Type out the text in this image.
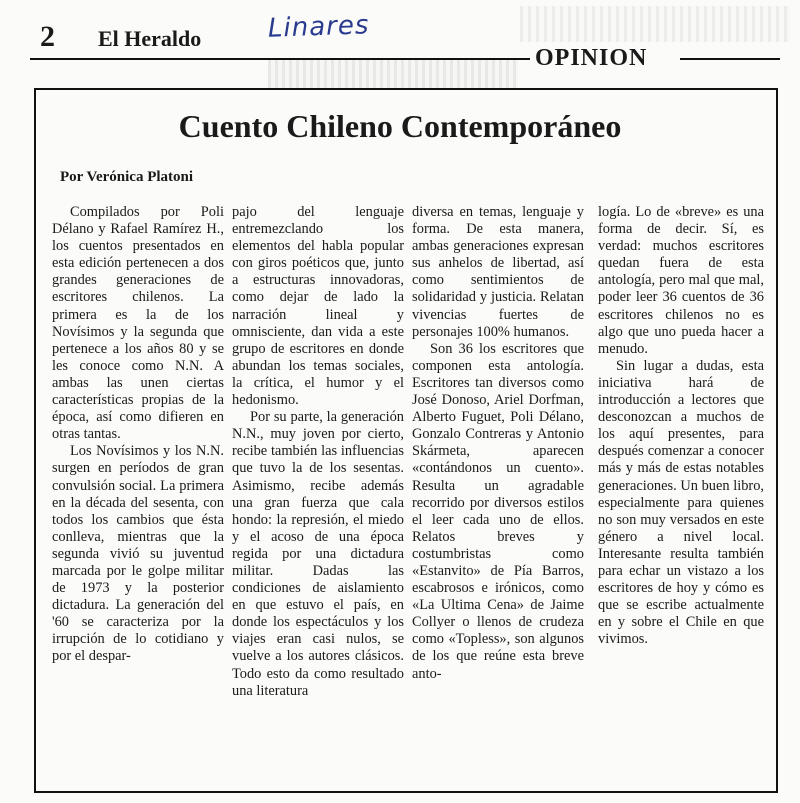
2 El Heraldo	Linares
OPINION
Cuento Chileno Contemporáneo
Por Verónica Platoni

Compilados por Poli Délano y Rafael Ramírez H., los cuentos presentados en esta edición pertenecen a dos grandes generaciones de escritores chilenos. La primera es la de los Novísimos y la segunda que pertenece a los años 80 y se les conoce como N.N. A ambas las unen ciertas características propias de la época, así como difieren en otras tantas.

Los Novísimos y los N.N. surgen en períodos de gran convulsión social. La primera en la década del sesenta, con todos los cambios que ésta conlleva, mientras que la segunda vivió su juventud marcada por le golpe militar de 1973 y la posterior dictadura. La generación del '60 se caracteriza por la irrupción de lo cotidiano y por el despar-

pajo del lenguaje entremezclando los elementos del habla popular con giros poéticos que, junto a estructuras innovadoras, como dejar de lado la narración lineal y omnisciente, dan vida a este grupo de escritores en donde abundan los temas sociales, la crítica, el humor y el hedonismo.

Por su parte, la generación N.N., muy joven por cierto, recibe también las influencias que tuvo la de los sesentas. Asimismo, recibe además una gran fuerza que cala hondo: la represión, el miedo y el acoso de una época regida por una dictadura militar. Dadas las condiciones de aislamiento en que estuvo el país, en donde los espectáculos y los viajes eran casi nulos, se vuelve a los autores clásicos. Todo esto da como resultado una literatura

diversa en temas, lenguaje y forma. De esta manera, ambas generaciones expresan sus anhelos de libertad, así como sentimientos de solidaridad y justicia. Relatan vivencias fuertes de personajes 100% humanos.

Son 36 los escritores que componen esta antología. Escritores tan diversos como José Donoso, Ariel Dorfman, Alberto Fuguet, Poli Délano, Gonzalo Contreras y Antonio Skármeta, aparecen «contándonos un cuento». Resulta un agradable recorrido por diversos estilos el leer cada uno de ellos. Relatos breves y costumbristas como «Estanvito» de Pía Barros, escabrosos e irónicos, como «La Ultima Cena» de Jaime Collyer o llenos de crudeza como «Topless», son algunos de los que reúne esta breve anto-

logía. Lo de «breve» es una forma de decir. Sí, es verdad: muchos escritores quedan fuera de esta antología, pero mal que mal, poder leer 36 cuentos de 36 escritores chilenos no es algo que uno pueda hacer a menudo.

Sin lugar a dudas, esta iniciativa hará de introducción a lectores que desconozcan a muchos de los aquí presentes, para después comenzar a conocer más y más de estas notables generaciones. Un buen libro, especialmente para quienes no son muy versados en este género a nivel local. Interesante resulta también para echar un vistazo a los escritores de hoy y cómo es que se escribe actualmente en y sobre el Chile en que vivimos.
